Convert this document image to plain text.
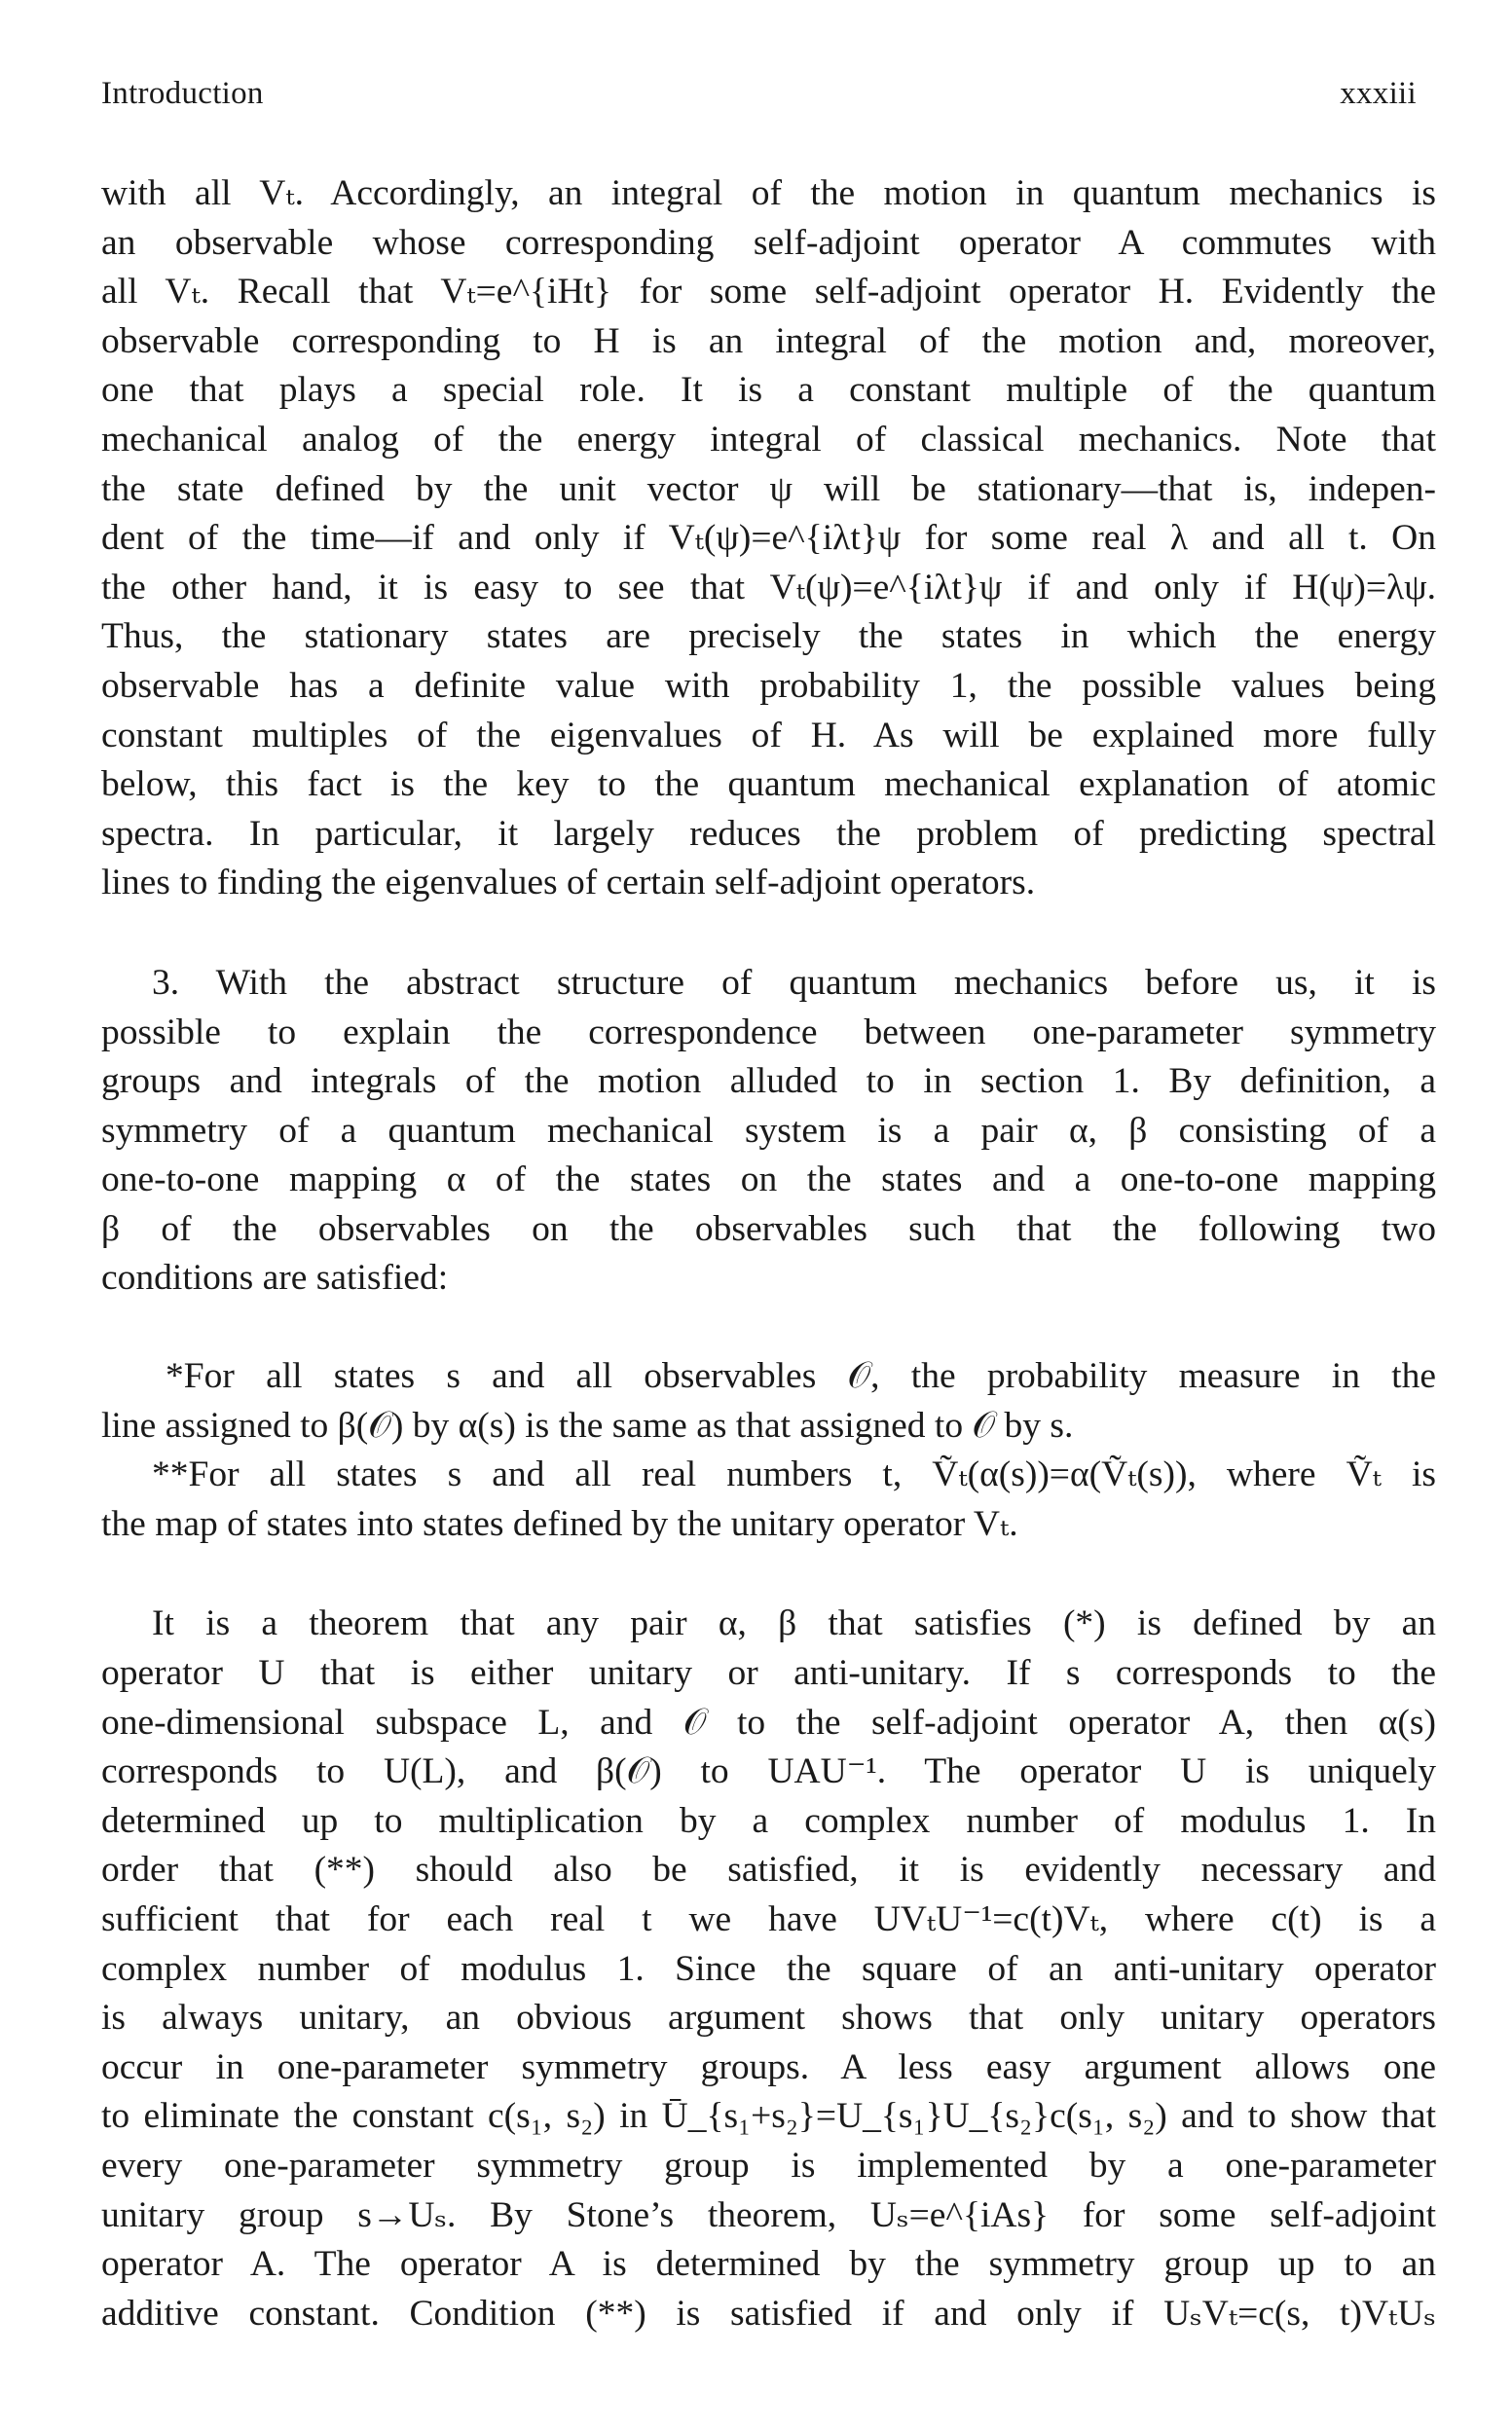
Introduction	xxxiii
with all Vₜ. Accordingly, an integral of the motion in quantum mechanics is
an observable whose corresponding self-adjoint operator A commutes with
all Vₜ. Recall that Vₜ=e^{iHt} for some self-adjoint operator H. Evidently the
observable corresponding to H is an integral of the motion and, moreover,
one that plays a special role. It is a constant multiple of the quantum
mechanical analog of the energy integral of classical mechanics. Note that
the state defined by the unit vector ψ will be stationary—that is, indepen-
dent of the time—if and only if Vₜ(ψ)=e^{iλt}ψ for some real λ and all t. On
the other hand, it is easy to see that Vₜ(ψ)=e^{iλt}ψ if and only if H(ψ)=λψ.
Thus, the stationary states are precisely the states in which the energy
observable has a definite value with probability 1, the possible values being
constant multiples of the eigenvalues of H. As will be explained more fully
below, this fact is the key to the quantum mechanical explanation of atomic
spectra. In particular, it largely reduces the problem of predicting spectral
lines to finding the eigenvalues of certain self-adjoint operators.
3. With the abstract structure of quantum mechanics before us, it is
possible to explain the correspondence between one-parameter symmetry
groups and integrals of the motion alluded to in section 1. By definition, a
symmetry of a quantum mechanical system is a pair α, β consisting of a
one-to-one mapping α of the states on the states and a one-to-one mapping
β of the observables on the observables such that the following two
conditions are satisfied:
*For all states s and all observables 𝒪, the probability measure in the
line assigned to β(𝒪) by α(s) is the same as that assigned to 𝒪 by s.
**For all states s and all real numbers t, Ṽₜ(α(s))=α(Ṽₜ(s)), where Ṽₜ is
the map of states into states defined by the unitary operator Vₜ.
It is a theorem that any pair α, β that satisfies (*) is defined by an
operator U that is either unitary or anti-unitary. If s corresponds to the
one-dimensional subspace L, and 𝒪 to the self-adjoint operator A, then α(s)
corresponds to U(L), and β(𝒪) to UAU⁻¹. The operator U is uniquely
determined up to multiplication by a complex number of modulus 1. In
order that (**) should also be satisfied, it is evidently necessary and
sufficient that for each real t we have UVₜU⁻¹=c(t)Vₜ, where c(t) is a
complex number of modulus 1. Since the square of an anti-unitary operator
is always unitary, an obvious argument shows that only unitary operators
occur in one-parameter symmetry groups. A less easy argument allows one
to eliminate the constant c(s₁, s₂) in Ū_{s₁+s₂}=U_{s₁}U_{s₂}c(s₁, s₂) and to show that
every one-parameter symmetry group is implemented by a one-parameter
unitary group s→Uₛ. By Stone’s theorem, Uₛ=e^{iAs} for some self-adjoint
operator A. The operator A is determined by the symmetry group up to an
additive constant. Condition (**) is satisfied if and only if UₛVₜ=c(s, t)VₜUₛ
